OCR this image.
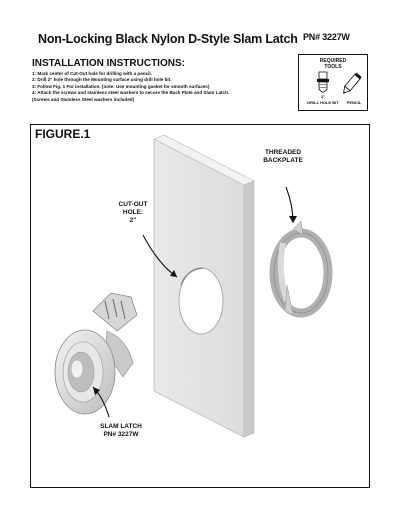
Non-Locking Black Nylon D-Style Slam Latch $^{PN\# 3227W}$
INSTALLATION INSTRUCTIONS:
1: Mark center of Cut-Out hole for drilling with a pencil.
2: Drill 2" hole through the Mounting surface using drill hole bit.
3: Follow Fig. 1 For installation. (note: Use mounting gasket for smooth surfaces)
4: Attach the screws and stainless steel washers to secure the Back Plate and Slam Latch.
(Screws and Stainless Steel washers included)
REQUIRED
TOOLS
2"
DRILL HOLE BIT	PENCIL
FIGURE.1
CUT-OUT
HOLE:
2"
THREADED
BACKPLATE
SLAM LATCH
PN# 3227W
